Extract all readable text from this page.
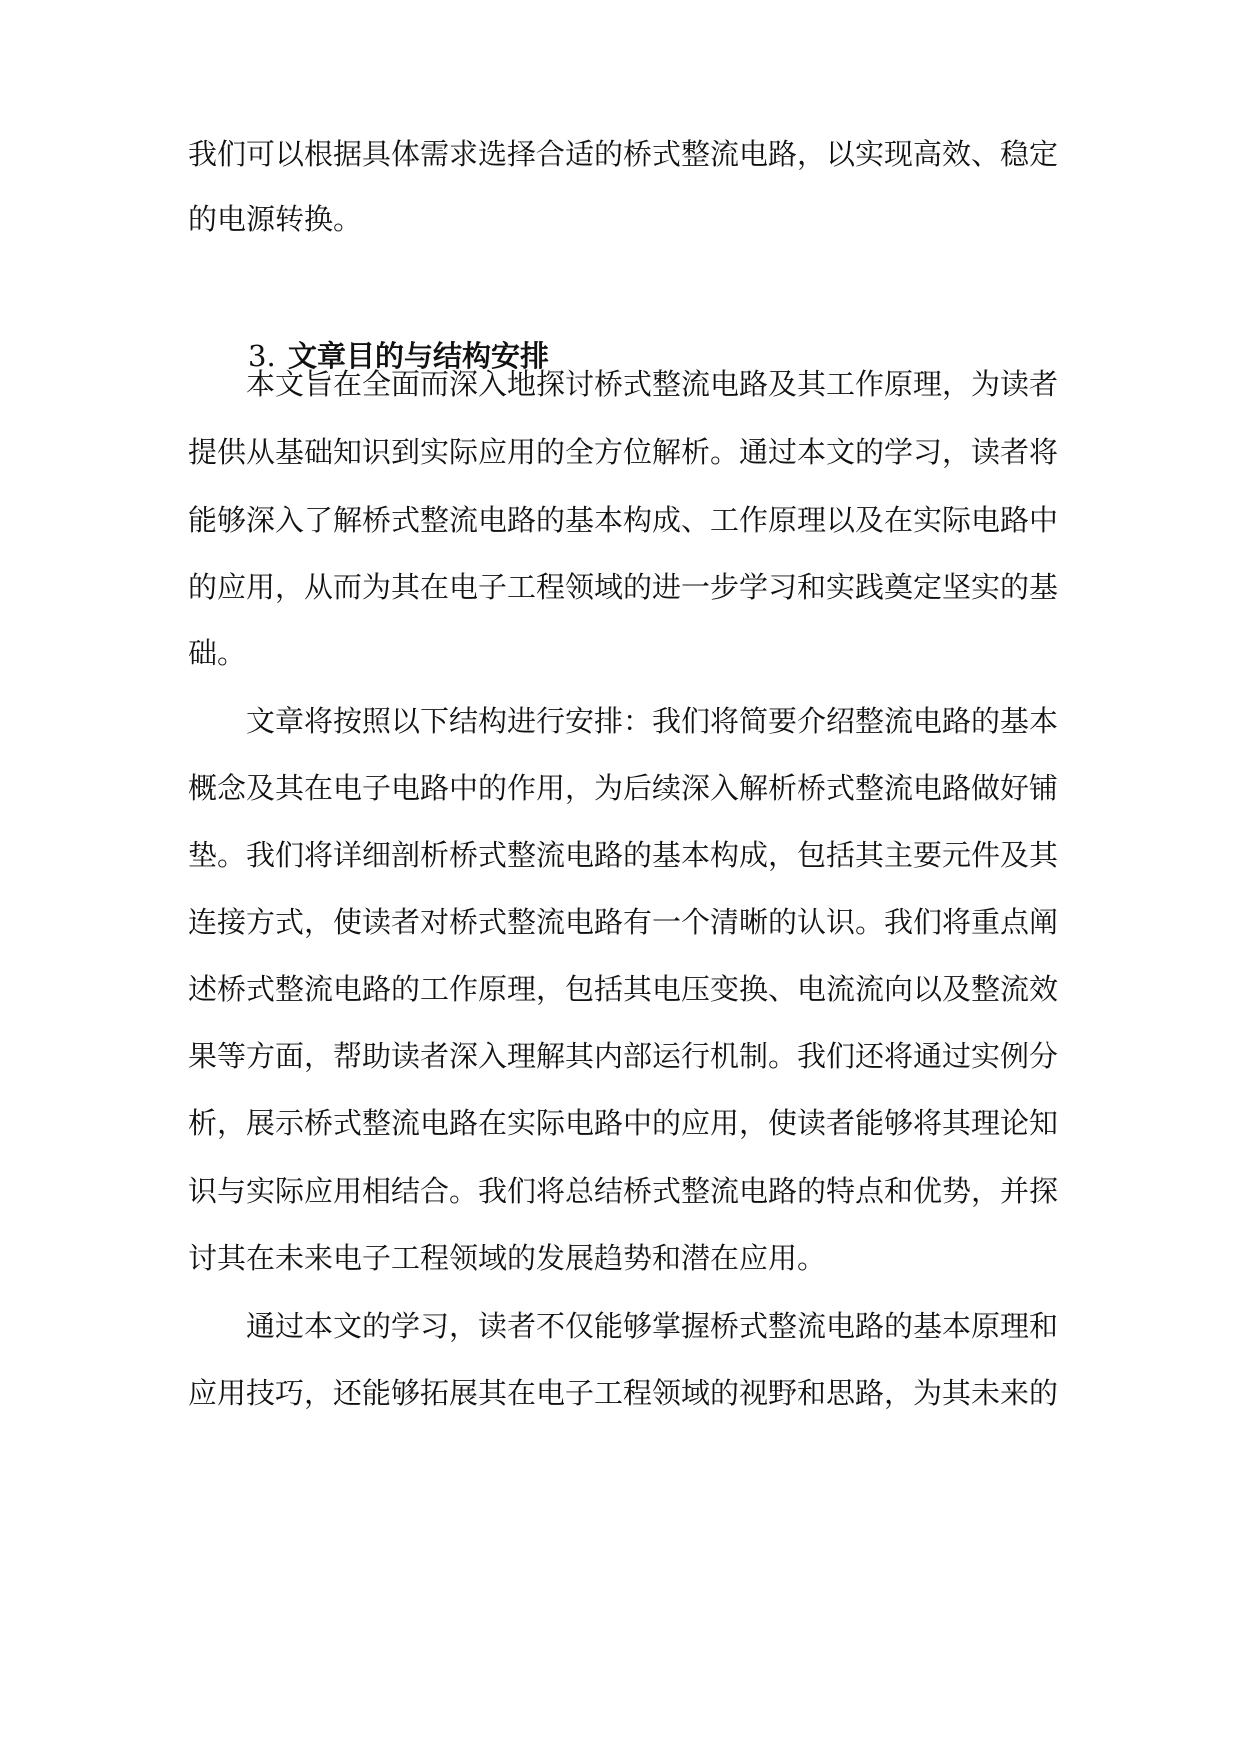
我们可以根据具体需求选择合适的桥式整流电路，以实现高效、稳定
的电源转换。
3. 文章目的与结构安排
本文旨在全面而深入地探讨桥式整流电路及其工作原理，为读者
提供从基础知识到实际应用的全方位解析。通过本文的学习，读者将
能够深入了解桥式整流电路的基本构成、工作原理以及在实际电路中
的应用，从而为其在电子工程领域的进一步学习和实践奠定坚实的基
础。
文章将按照以下结构进行安排：我们将简要介绍整流电路的基本
概念及其在电子电路中的作用，为后续深入解析桥式整流电路做好铺
垫。我们将详细剖析桥式整流电路的基本构成，包括其主要元件及其
连接方式，使读者对桥式整流电路有一个清晰的认识。我们将重点阐
述桥式整流电路的工作原理，包括其电压变换、电流流向以及整流效
果等方面，帮助读者深入理解其内部运行机制。我们还将通过实例分
析，展示桥式整流电路在实际电路中的应用，使读者能够将其理论知
识与实际应用相结合。我们将总结桥式整流电路的特点和优势，并探
讨其在未来电子工程领域的发展趋势和潜在应用。
通过本文的学习，读者不仅能够掌握桥式整流电路的基本原理和
应用技巧，还能够拓展其在电子工程领域的视野和思路，为其未来的
